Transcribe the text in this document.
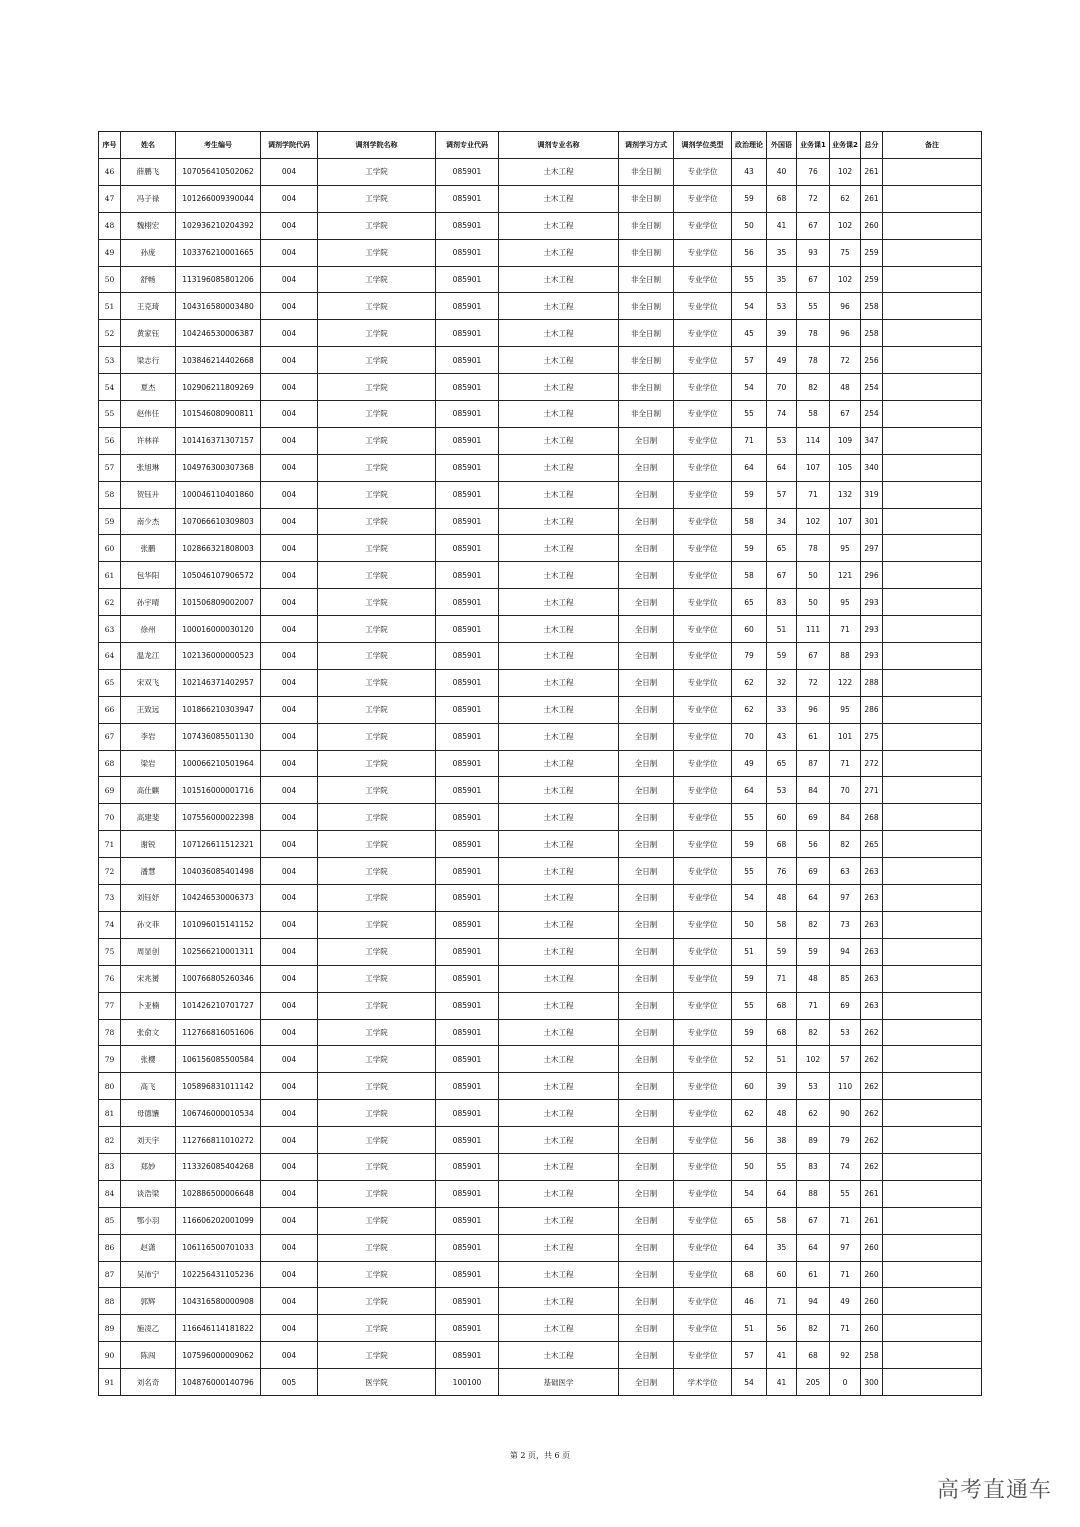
序号	姓名	考生编号	调剂学院代码	调剂学院名称	调剂专业代码	调剂专业名称	调剂学习方式	调剂学位类型	政治理论	外国语	业务课1	业务课2	总分	备注
46	薛鹏飞	107056410502062	004	工学院	085901	土木工程	非全日制	专业学位	43	40	76	102	261	
47	冯子禄	101266009390044	004	工学院	085901	土木工程	非全日制	专业学位	59	68	72	62	261	
48	魏栩宏	102936210204392	004	工学院	085901	土木工程	非全日制	专业学位	50	41	67	102	260	
49	孙庞	103376210001665	004	工学院	085901	土木工程	非全日制	专业学位	56	35	93	75	259	
50	舒畅	113196085801206	004	工学院	085901	土木工程	非全日制	专业学位	55	35	67	102	259	
51	王克琦	104316580003480	004	工学院	085901	土木工程	非全日制	专业学位	54	53	55	96	258	
52	黄家钰	104246530006387	004	工学院	085901	土木工程	非全日制	专业学位	45	39	78	96	258	
53	梁志行	103846214402668	004	工学院	085901	土木工程	非全日制	专业学位	57	49	78	72	256	
54	夏杰	102906211809269	004	工学院	085901	土木工程	非全日制	专业学位	54	70	82	48	254	
55	赵伟任	101546080900811	004	工学院	085901	土木工程	非全日制	专业学位	55	74	58	67	254	
56	许林祥	101416371307157	004	工学院	085901	土木工程	全日制	专业学位	71	53	114	109	347	
57	张旭琳	104976300307368	004	工学院	085901	土木工程	全日制	专业学位	64	64	107	105	340	
58	贺钰升	100046110401860	004	工学院	085901	土木工程	全日制	专业学位	59	57	71	132	319	
59	南少杰	107066610309803	004	工学院	085901	土木工程	全日制	专业学位	58	34	102	107	301	
60	张鹏	102866321808003	004	工学院	085901	土木工程	全日制	专业学位	59	65	78	95	297	
61	包华阳	105046107906572	004	工学院	085901	土木工程	全日制	专业学位	58	67	50	121	296	
62	孙宇晴	101506809002007	004	工学院	085901	土木工程	全日制	专业学位	65	83	50	95	293	
63	徐州	100016000030120	004	工学院	085901	土木工程	全日制	专业学位	60	51	111	71	293	
64	温龙江	102136000000523	004	工学院	085901	土木工程	全日制	专业学位	79	59	67	88	293	
65	宋双飞	102146371402957	004	工学院	085901	土木工程	全日制	专业学位	62	32	72	122	288	
66	王致远	101866210303947	004	工学院	085901	土木工程	全日制	专业学位	62	33	96	95	286	
67	李岩	107436085501130	004	工学院	085901	土木工程	全日制	专业学位	70	43	61	101	275	
68	梁岩	100066210501964	004	工学院	085901	土木工程	全日制	专业学位	49	65	87	71	272	
69	高仕麒	101516000001716	004	工学院	085901	土木工程	全日制	专业学位	64	53	84	70	271	
70	高建斐	107556000022398	004	工学院	085901	土木工程	全日制	专业学位	55	60	69	84	268	
71	谢锐	107126611512321	004	工学院	085901	土木工程	全日制	专业学位	59	68	56	82	265	
72	潘慧	104036085401498	004	工学院	085901	土木工程	全日制	专业学位	55	76	69	63	263	
73	刘钰妤	104246530006373	004	工学院	085901	土木工程	全日制	专业学位	54	48	64	97	263	
74	孙文菲	101096015141152	004	工学院	085901	土木工程	全日制	专业学位	50	58	82	73	263	
75	周显创	102566210001311	004	工学院	085901	土木工程	全日制	专业学位	51	59	59	94	263	
76	宋兆赟	100766805260346	004	工学院	085901	土木工程	全日制	专业学位	59	71	48	85	263	
77	卜亚楠	101426210701727	004	工学院	085901	土木工程	全日制	专业学位	55	68	71	69	263	
78	张俞文	112766816051606	004	工学院	085901	土木工程	全日制	专业学位	59	68	82	53	262	
79	张櫻	106156085500584	004	工学院	085901	土木工程	全日制	专业学位	52	51	102	57	262	
80	高飞	105896831011142	004	工学院	085901	土木工程	全日制	专业学位	60	39	53	110	262	
81	母德馕	106746000010534	004	工学院	085901	土木工程	全日制	专业学位	62	48	62	90	262	
82	刘天宇	112766811010272	004	工学院	085901	土木工程	全日制	专业学位	56	38	89	79	262	
83	郑妙	113326085404268	004	工学院	085901	土木工程	全日制	专业学位	50	55	83	74	262	
84	谈浩梁	102886500006648	004	工学院	085901	土木工程	全日制	专业学位	54	64	88	55	261	
85	鄂小羽	116606202001099	004	工学院	085901	土木工程	全日制	专业学位	65	58	67	71	261	
86	赵潇	106116500701033	004	工学院	085901	土木工程	全日制	专业学位	64	35	64	97	260	
87	吴沛宁	102256431105236	004	工学院	085901	土木工程	全日制	专业学位	68	60	61	71	260	
88	郭辉	104316580000908	004	工学院	085901	土木工程	全日制	专业学位	46	71	94	49	260	
89	施凌乙	116646114181822	004	工学院	085901	土木工程	全日制	专业学位	51	56	82	71	260	
90	陈闯	107596000009062	004	工学院	085901	土木工程	全日制	专业学位	57	41	68	92	258	
91	刘名奇	104876000140796	005	医学院	100100	基础医学	全日制	学术学位	54	41	205	0	300	
第 2 页，共 6 页
高考直通车
